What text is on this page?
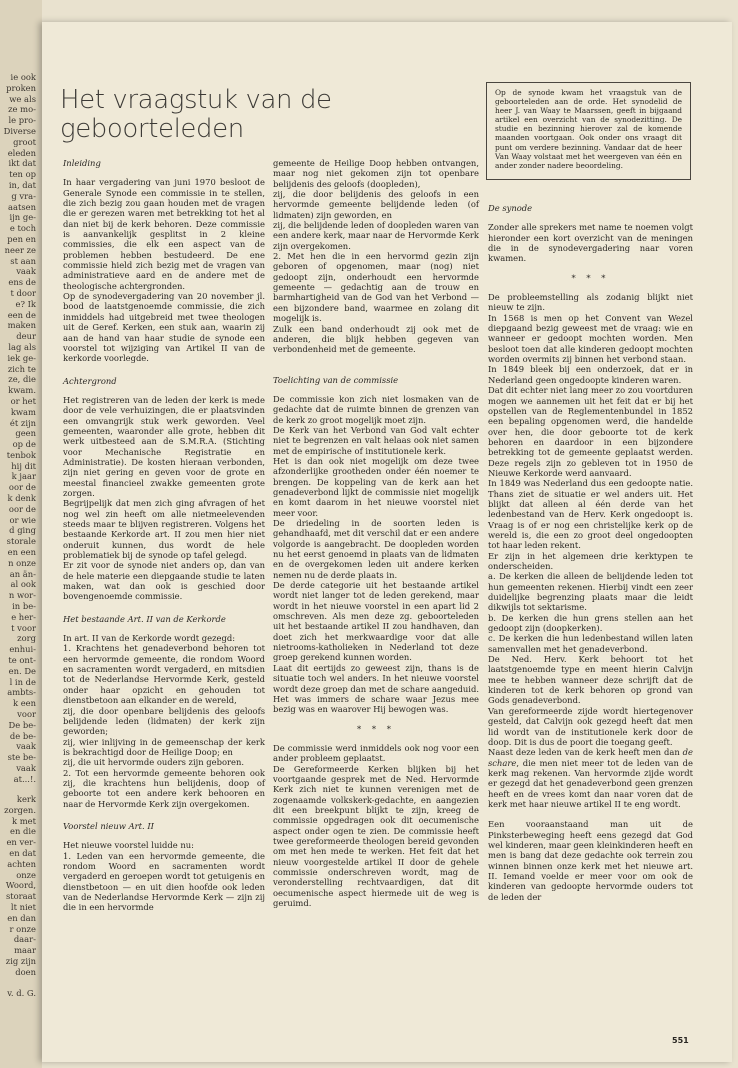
ie ook
proken
we als
ze mo-
le pro-
Diverse
groot
eleden
ikt dat
ten op
in, dat
g vra-
aatsen
ijn ge-
e toch
pen en
neer ze
st aan
vaak
ens de
t door
e? Ik
een de
maken
deur
lag als
iek ge-
zich te
ze, die
kwam.
or het
kwam
ét zijn
geen
op de
tenbok
hij dit
k jaar
oor de
k denk
oor de
or wie
d ging
storale
en een
n onze
an än-
al ook
n wor-
in be-
e her-
t voor
zorg
enhui-
te ont-
en. De
l in de
ambts-
k een
voor
De be-
de be-
vaak
ste be-
vaak
at...!.
kerk
zorgen.
k met
en die
en ver-
en dat
achten
onze
Woord,
storaat
lt niet
en dan
r onze
daar-
maar
zig zijn
doen

v. d. G.
Het vraagstuk van de geboorteleden

Op de synode kwam het vraagstuk van de geboorteleden aan de orde. Het synodelid de heer J. van Waay te Maarssen, geeft in bijgaand artikel een overzicht van de synodezitting. De studie en bezinning hierover zal de komende maanden voortgaan. Ook onder ons vraagt dit punt om verdere bezinning. Vandaar dat de heer Van Waay volstaat met het weergeven van één en ander zonder nadere beoordeling.

Inleiding

In haar vergadering van juni 1970 besloot de Generale Synode een commissie in te stellen, die zich bezig zou gaan houden met de vragen die er gerezen waren met betrekking tot het al dan niet bij de kerk behoren. Deze commissie is aanvankelijk gesplitst in 2 kleine commissies, die elk een aspect van de problemen hebben bestudeerd. De ene commissie hield zich bezig met de vragen van administratieve aard en de andere met de theologische achtergronden.

Op de synodevergadering van 20 november jl. bood de laatstgenoemde commissie, die zich inmiddels had uitgebreid met twee theologen uit de Geref. Kerken, een stuk aan, waarin zij aan de hand van haar studie de synode een voorstel tot wijziging van Artikel II van de kerkorde voorlegde.

Achtergrond

Het registreren van de leden der kerk is mede door de vele verhuizingen, die er plaatsvinden een omvangrijk stuk werk geworden. Veel gemeenten, waaronder alle grote, hebben dit werk uitbesteed aan de S.M.R.A. (Stichting voor Mechanische Registratie en Administratie). De kosten hieraan verbonden, zijn niet gering en geven voor de grote en meestal financieel zwakke gemeenten grote zorgen.

Begrijpelijk dat men zich ging afvragen of het nog wel zin heeft om alle nietmeelevenden steeds maar te blijven registreren. Volgens het bestaande Kerkorde art. II zou men hier niet onderuit kunnen, dus wordt de hele problematiek bij de synode op tafel gelegd.

Er zit voor de synode niet anders op, dan van de hele materie een diepgaande studie te laten maken, wat dan ook is geschied door bovengenoemde commissie.

Het bestaande Art. II van de Kerkorde

In art. II van de Kerkorde wordt gezegd:

1. Krachtens het genadeverbond behoren tot een hervormde gemeente, die rondom Woord en sacramenten wordt vergaderd, en mitsdien tot de Nederlandse Hervormde Kerk, gesteld onder haar opzicht en gehouden tot dienstbetoon aan elkander en de wereld,

zij, die door openbare belijdenis des geloofs belijdende leden (lidmaten) der kerk zijn geworden;

zij, wier inlijving in de gemeenschap der kerk is bekrachtigd door de Heilige Doop; en

zij, die uit hervormde ouders zijn geboren.

2. Tot een hervormde gemeente behoren ook zij, die krachtens hun belijdenis, doop of geboorte tot een andere kerk behooren en naar de Hervormde Kerk zijn overgekomen.

Voorstel nieuw Art. II

Het nieuwe voorstel luidde nu:

1. Leden van een hervormde gemeente, die rondom Woord en sacramenten wordt vergaderd en geroepen wordt tot getuigenis en dienstbetoon — en uit dien hoofde ook leden van de Nederlandse Hervormde Kerk — zijn zij die in een hervormde

gemeente de Heilige Doop hebben ontvangen, maar nog niet gekomen zijn tot openbare belijdenis des geloofs (doopleden),

zij, die door belijdenis des geloofs in een hervormde gemeente belijdende leden (of lidmaten) zijn geworden, en

zij, die belijdende leden of doopleden waren van een andere kerk, maar naar de Hervormde Kerk zijn overgekomen.

2. Met hen die in een hervormd gezin zijn geboren of opgenomen, maar (nog) niet gedoopt zijn, onderhoudt een hervormde gemeente — gedachtig aan de trouw en barmhartigheid van de God van het Verbond — een bijzondere band, waarmee en zolang dit mogelijk is.

Zulk een band onderhoudt zij ook met de anderen, die blijk hebben gegeven van verbondenheid met de gemeente.

Toelichting van de commissie

De commissie kon zich niet losmaken van de gedachte dat de ruimte binnen de grenzen van de kerk zo groot mogelijk moet zijn.

De Kerk van het Verbond van God valt echter niet te begrenzen en valt helaas ook niet samen met de empirische of institutionele kerk.

Het is dan ook niet mogelijk om deze twee afzonderlijke grootheden onder één noemer te brengen. De koppeling van de kerk aan het genadeverbond lijkt de commissie niet mogelijk en komt daarom in het nieuwe voorstel niet meer voor.

De driedeling in de soorten leden is gehandhaafd, met dit verschil dat er een andere volgorde is aangebracht. De doopleden worden nu het eerst genoemd in plaats van de lidmaten en de overgekomen leden uit andere kerken nemen nu de derde plaats in.

De derde categorie uit het bestaande artikel wordt niet langer tot de leden gerekend, maar wordt in het nieuwe voorstel in een apart lid 2 omschreven. Als men deze zg. geboorteleden uit het bestaande artikel II zou handhaven, dan doet zich het merkwaardige voor dat alle nietrooms-katholieken in Nederland tot deze groep gerekend kunnen worden.

Laat dit eertijds zo geweest zijn, thans is de situatie toch wel anders. In het nieuwe voorstel wordt deze groep dan met de schare aangeduid. Het was immers de schare waar Jezus mee bezig was en waarover Hij bewogen was.

* * *

De commissie werd inmiddels ook nog voor een ander probleem geplaatst.

De Gereformeerde Kerken blijken bij het voortgaande gesprek met de Ned. Hervormde Kerk zich niet te kunnen verenigen met de zogenaamde volkskerk-gedachte, en aangezien dit een breekpunt blijkt te zijn, kreeg de commissie opgedragen ook dit oecumenische aspect onder ogen te zien. De commissie heeft twee gereformeerde theologen bereid gevonden om met hen mede te werken. Het feit dat het nieuw voorgestelde artikel II door de gehele commissie onderschreven wordt, mag de veronderstelling rechtvaardigen, dat dit oecumenische aspect hiermede uit de weg is geruimd.

De synode

Zonder alle sprekers met name te noemen volgt hieronder een kort overzicht van de meningen die in de synodevergadering naar voren kwamen.

* * *

De probleemstelling als zodanig blijkt niet nieuw te zijn.

In 1568 is men op het Convent van Wezel diepgaand bezig geweest met de vraag: wie en wanneer er gedoopt mochten worden. Men besloot toen dat alle kinderen gedoopt mochten worden overmits zij binnen het verbond staan.

In 1849 bleek bij een onderzoek, dat er in Nederland geen ongedoopte kinderen waren.

Dat dit echter niet lang meer zo zou voortduren mogen we aannemen uit het feit dat er bij het opstellen van de Reglementenbundel in 1852 een bepaling opgenomen werd, die handelde over hen, die door geboorte tot de kerk behoren en daardoor in een bijzondere betrekking tot de gemeente geplaatst werden. Deze regels zijn zo gebleven tot in 1950 de Nieuwe Kerkorde werd aanvaard.

In 1849 was Nederland dus een gedoopte natie. Thans ziet de situatie er wel anders uit. Het blijkt dat alleen al één derde van het ledenbestand van de Herv. Kerk ongedoopt is. Vraag is of er nog een christelijke kerk op de wereld is, die een zo groot deel ongedoopten tot haar leden rekent.

Er zijn in het algemeen drie kerktypen te onderscheiden.

a. De kerken die alleen de belijdende leden tot hun gemeenten rekenen. Hierbij vindt een zeer duidelijke begrenzing plaats maar die leidt dikwijls tot sektarisme.

b. De kerken die hun grens stellen aan het gedoopt zijn (doopkerken).

c. De kerken die hun ledenbestand willen laten samenvallen met het genadeverbond.

De Ned. Herv. Kerk behoort tot het laatstgenoemde type en meent hierin Calvijn mee te hebben wanneer deze schrijft dat de kinderen tot de kerk behoren op grond van Gods genadeverbond.

Van gereformeerde zijde wordt hiertegenover gesteld, dat Calvijn ook gezegd heeft dat men lid wordt van de institutionele kerk door de doop. Dit is dus de poort die toegang geeft.

Naast deze leden van de kerk heeft men dan de schare, die men niet meer tot de leden van de kerk mag rekenen. Van hervormde zijde wordt er gezegd dat het genadeverbond geen grenzen heeft en de vrees komt dan naar voren dat de kerk met haar nieuwe artikel II te eng wordt.

Een vooraanstaand man uit de Pinksterbeweging heeft eens gezegd dat God wel kinderen, maar geen kleinkinderen heeft en men is bang dat deze gedachte ook terrein zou winnen binnen onze kerk met het nieuwe art. II. Iemand voelde er meer voor om ook de kinderen van gedoopte hervormde ouders tot de leden der

551
